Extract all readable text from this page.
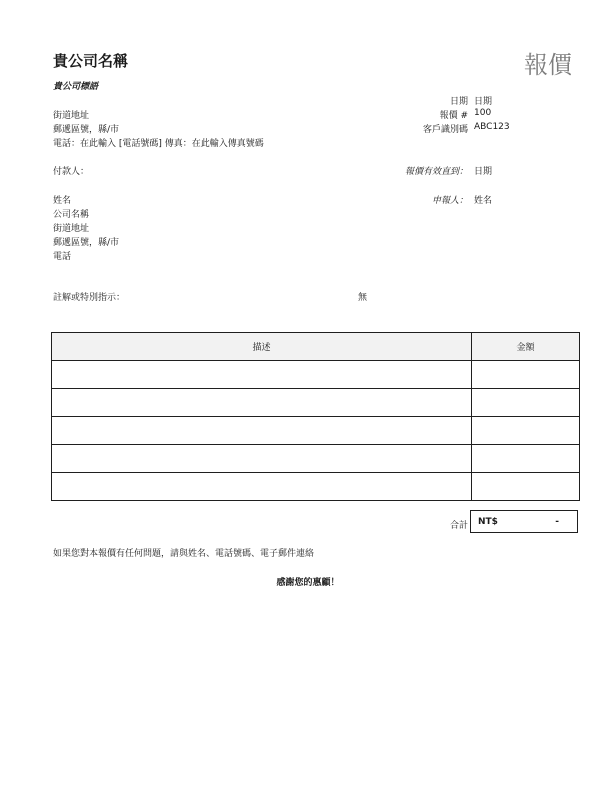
貴公司名稱
貴公司標語
報價
街道地址
郵遞區號，縣/市
電話：在此輸入 [電話號碼] 傳真：在此輸入傳真號碼
日期 日期
報價 # 100
客戶識別碼 ABC123
付款人：	報價有效直到： 日期
姓名	申報人： 姓名
公司名稱
街道地址
郵遞區號，縣/市
電話
註解或特別指示：	無
描述	金額

合計 NT$	-
如果您對本報價有任何問題，請與姓名、電話號碼、電子郵件連絡
感謝您的惠顧！
